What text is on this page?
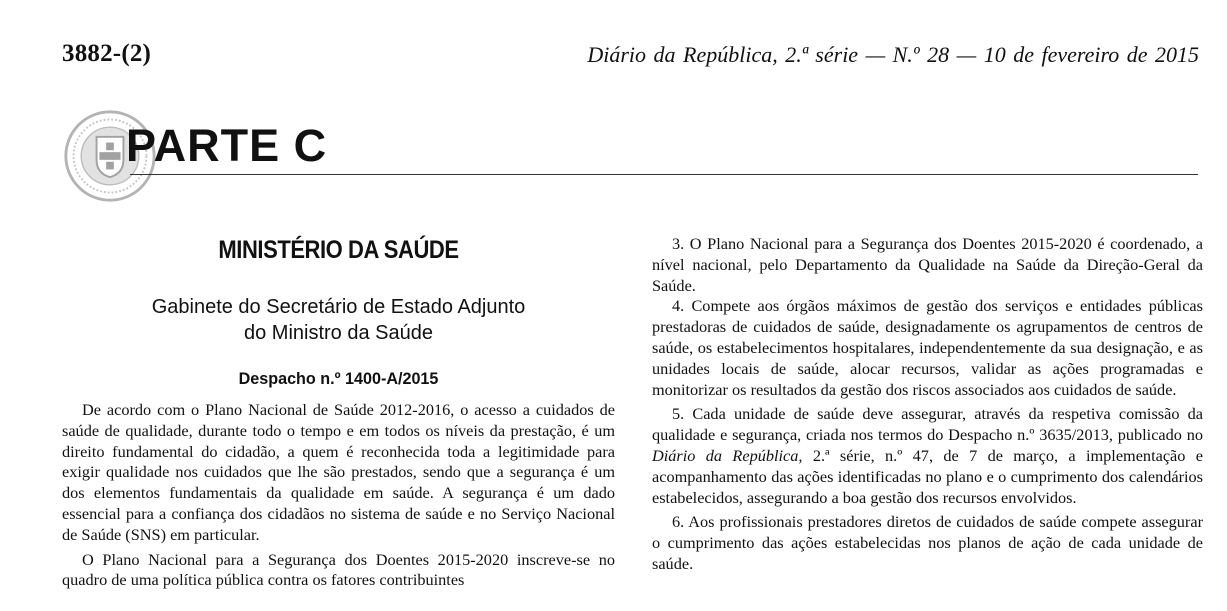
3882-(2)	Diário da República, 2.ª série — N.º 28 — 10 de fevereiro de 2015
PARTE C
MINISTÉRIO DA SAÚDE
Gabinete do Secretário de Estado Adjunto
do Ministro da Saúde
Despacho n.º 1400-A/2015

De acordo com o Plano Nacional de Saúde 2012-2016, o acesso a cuidados de saúde de qualidade, durante todo o tempo e em todos os níveis da prestação, é um direito fundamental do cidadão, a quem é reconhecida toda a legitimidade para exigir qualidade nos cuidados que lhe são prestados, sendo que a segurança é um dos elementos fundamentais da qualidade em saúde. A segurança é um dado essencial para a confiança dos cidadãos no sistema de saúde e no Serviço Nacional de Saúde (SNS) em particular.

O Plano Nacional para a Segurança dos Doentes 2015-2020 inscreve-se no quadro de uma política pública contra os fatores contribuintes

3. O Plano Nacional para a Segurança dos Doentes 2015-2020 é coordenado, a nível nacional, pelo Departamento da Qualidade na Saúde da Direção-Geral da Saúde.

4. Compete aos órgãos máximos de gestão dos serviços e entidades públicas prestadoras de cuidados de saúde, designadamente os agrupamentos de centros de saúde, os estabelecimentos hospitalares, independentemente da sua designação, e as unidades locais de saúde, alocar recursos, validar as ações programadas e monitorizar os resultados da gestão dos riscos associados aos cuidados de saúde.

5. Cada unidade de saúde deve assegurar, através da respetiva comissão da qualidade e segurança, criada nos termos do Despacho n.º 3635/2013, publicado no Diário da República, 2.ª série, n.º 47, de 7 de março, a implementação e acompanhamento das ações identificadas no plano e o cumprimento dos calendários estabelecidos, assegurando a boa gestão dos recursos envolvidos.

6. Aos profissionais prestadores diretos de cuidados de saúde compete assegurar o cumprimento das ações estabelecidas nos planos de ação de cada unidade de saúde.
